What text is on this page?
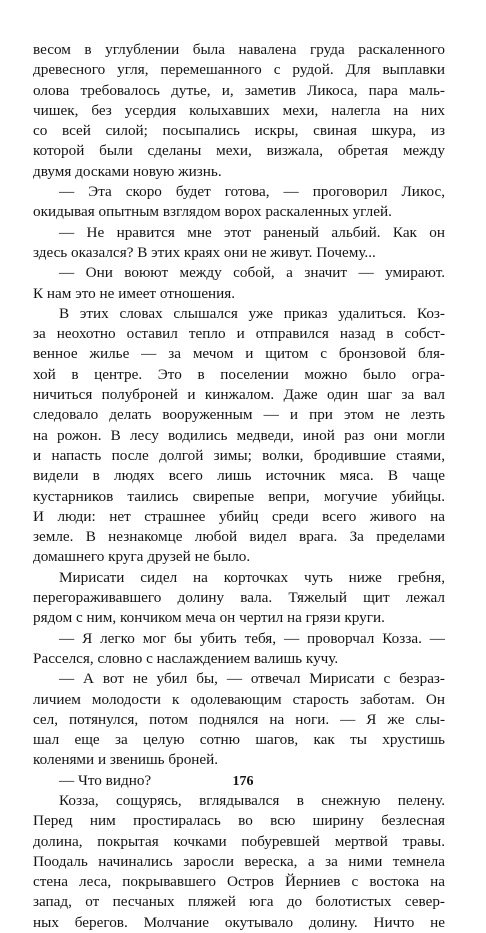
весом в углублении была навалена груда раскаленного
древесного угля, перемешанного с рудой. Для выплавки
олова требовалось дутье, и, заметив Ликоса, пара маль-
чишек, без усердия колыхавших мехи, налегла на них
со всей силой; посыпались искры, свиная шкура, из
которой были сделаны мехи, визжала, обретая между
двумя досками новую жизнь.
— Эта скоро будет готова, — проговорил Ликос,
окидывая опытным взглядом ворох раскаленных углей.
— Не нравится мне этот раненый альбий. Как он
здесь оказался? В этих краях они не живут. Почему...
— Они воюют между собой, а значит — умирают.
К нам это не имеет отношения.
В этих словах слышался уже приказ удалиться. Коз-
за неохотно оставил тепло и отправился назад в собст-
венное жилье — за мечом и щитом с бронзовой бля-
хой в центре. Это в поселении можно было огра-
ничиться полуброней и кинжалом. Даже один шаг за вал
следовало делать вооруженным — и при этом не лезть
на рожон. В лесу водились медведи, иной раз они могли
и напасть после долгой зимы; волки, бродившие стаями,
видели в людях всего лишь источник мяса. В чаще
кустарников таились свирепые вепри, могучие убийцы.
И люди: нет страшнее убийц среди всего живого на
земле. В незнакомце любой видел врага. За пределами
домашнего круга друзей не было.
Мирисати сидел на корточках чуть ниже гребня,
перегораживавшего долину вала. Тяжелый щит лежал
рядом с ним, кончиком меча он чертил на грязи круги.
— Я легко мог бы убить тебя, — проворчал Козза. —
Расселся, словно с наслаждением валишь кучу.
— А вот не убил бы, — отвечал Мирисати с безраз-
личием молодости к одолевающим старость заботам. Он
сел, потянулся, потом поднялся на ноги. — Я же слы-
шал еще за целую сотню шагов, как ты хрустишь
коленями и звенишь броней.
— Что видно?
Козза, сощурясь, вглядывался в снежную пелену.
Перед ним простиралась во всю ширину безлесная
долина, покрытая кочками побуревшей мертвой травы.
Поодаль начинались заросли вереска, а за ними темнела
стена леса, покрывавшего Остров Йерниев с востока на
запад, от песчаных пляжей юга до болотистых север-
ных берегов. Молчание окутывало долину. Ничто не
176
